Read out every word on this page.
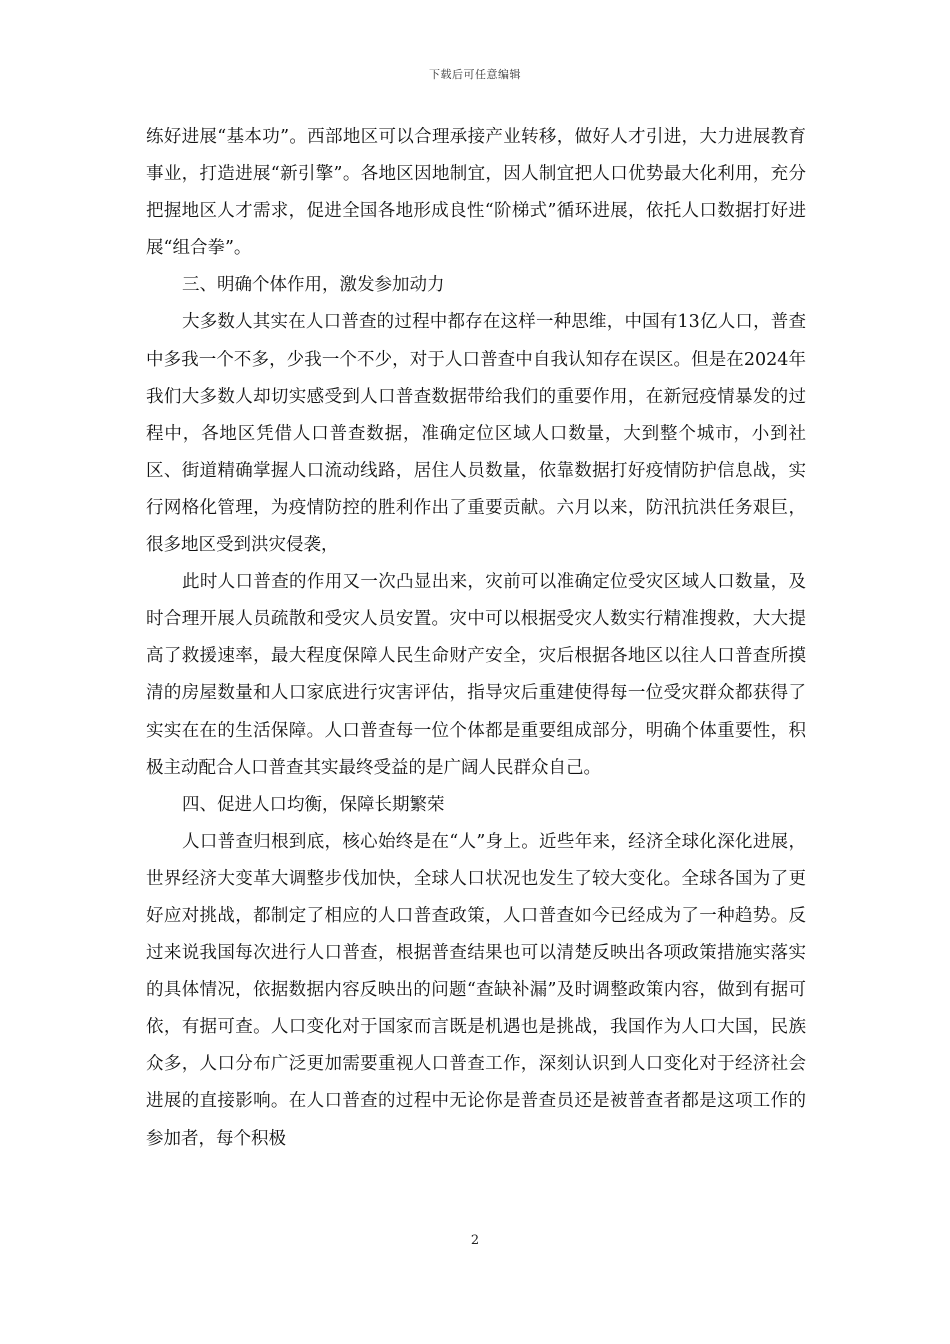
下载后可任意编辑

练好进展“基本功”。西部地区可以合理承接产业转移，做好人才引进，大力进展教育事业，打造进展“新引擎”。各地区因地制宜，因人制宜把人口优势最大化利用，充分把握地区人才需求，促进全国各地形成良性“阶梯式”循环进展，依托人口数据打好进展“组合拳”。

三、明确个体作用，激发参加动力

大多数人其实在人口普查的过程中都存在这样一种思维，中国有13亿人口，普查中多我一个不多，少我一个不少，对于人口普查中自我认知存在误区。但是在2024年我们大多数人却切实感受到人口普查数据带给我们的重要作用，在新冠疫情暴发的过程中，各地区凭借人口普查数据，准确定位区域人口数量，大到整个城市，小到社区、街道精确掌握人口流动线路，居住人员数量，依靠数据打好疫情防护信息战，实行网格化管理，为疫情防控的胜利作出了重要贡献。六月以来，防汛抗洪任务艰巨，很多地区受到洪灾侵袭，

此时人口普查的作用又一次凸显出来，灾前可以准确定位受灾区域人口数量，及时合理开展人员疏散和受灾人员安置。灾中可以根据受灾人数实行精准搜救，大大提高了救援速率，最大程度保障人民生命财产安全，灾后根据各地区以往人口普查所摸清的房屋数量和人口家底进行灾害评估，指导灾后重建使得每一位受灾群众都获得了实实在在的生活保障。人口普查每一位个体都是重要组成部分，明确个体重要性，积极主动配合人口普查其实最终受益的是广阔人民群众自己。

四、促进人口均衡，保障长期繁荣

人口普查归根到底，核心始终是在“人”身上。近些年来，经济全球化深化进展，世界经济大变革大调整步伐加快，全球人口状况也发生了较大变化。全球各国为了更好应对挑战，都制定了相应的人口普查政策，人口普查如今已经成为了一种趋势。反过来说我国每次进行人口普查，根据普查结果也可以清楚反映出各项政策措施实落实的具体情况，依据数据内容反映出的问题“查缺补漏”及时调整政策内容，做到有据可依，有据可查。人口变化对于国家而言既是机遇也是挑战，我国作为人口大国，民族众多，人口分布广泛更加需要重视人口普查工作，深刻认识到人口变化对于经济社会进展的直接影响。在人口普查的过程中无论你是普查员还是被普查者都是这项工作的参加者，每个积极

2
